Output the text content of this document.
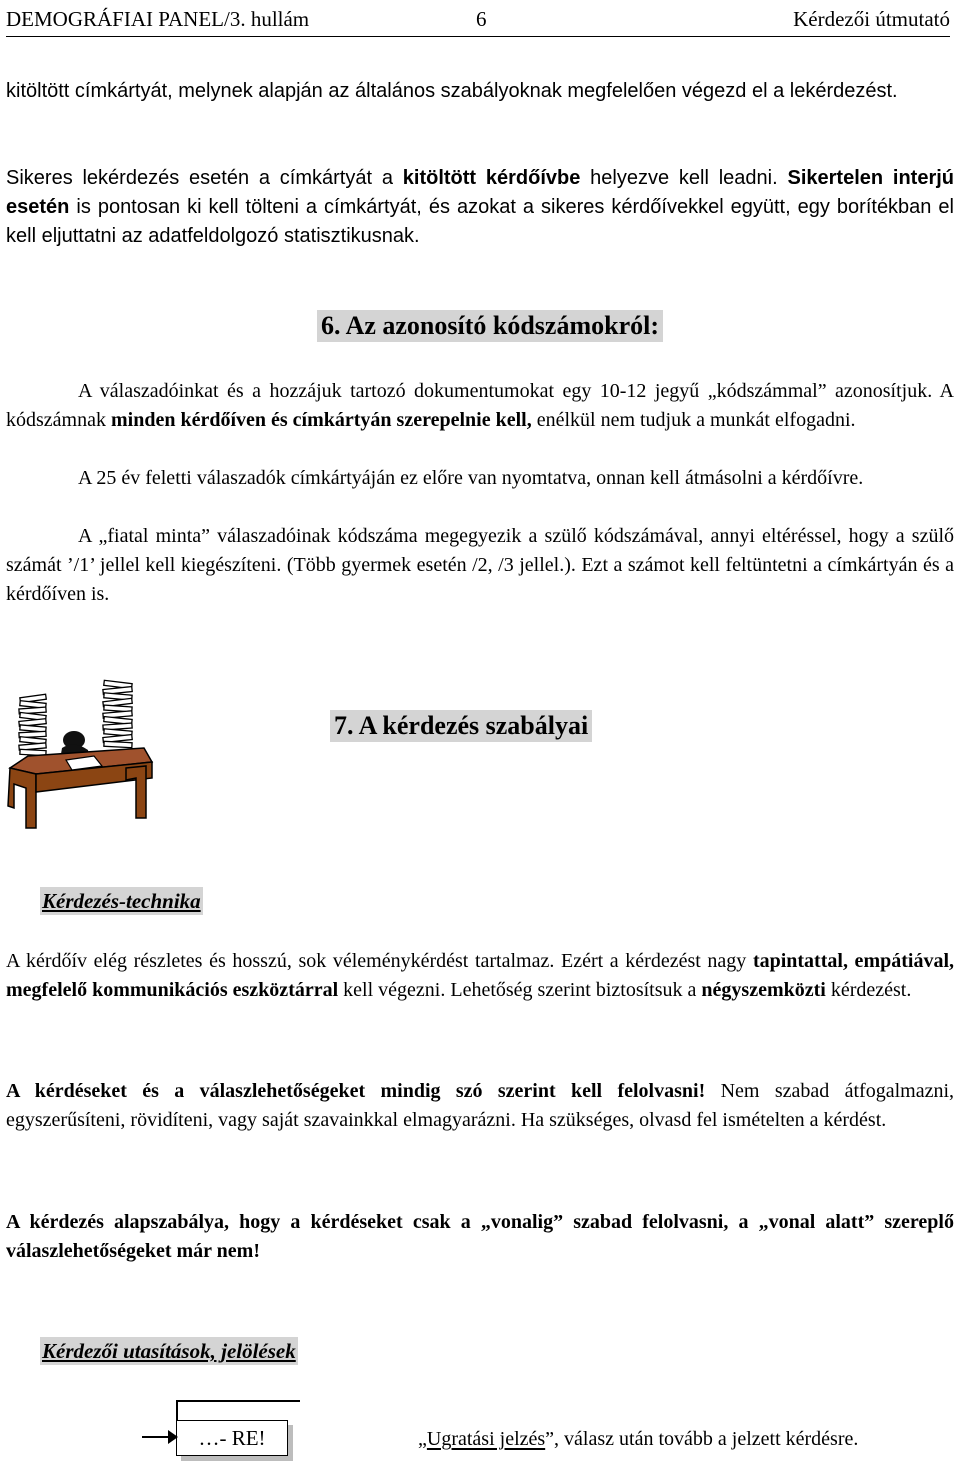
DEMOGRÁFIAI PANEL/3. hullám	6	Kérdezői útmutató
kitöltött címkártyát, melynek alapján az általános szabályoknak megfelelően végezd el a lekérdezést.
Sikeres lekérdezés esetén a címkártyát a kitöltött kérdőívbe helyezve kell leadni. Sikertelen interjú esetén is pontosan ki kell tölteni a címkártyát, és azokat a sikeres kérdőívekkel együtt, egy borítékban el kell eljuttatni az adatfeldolgozó statisztikusnak.
6. Az azonosító kódszámokról:
A válaszadóinkat és a hozzájuk tartozó dokumentumokat egy 10-12 jegyű „kódszámmal” azonosítjuk. A kódszámnak minden kérdőíven és címkártyán szerepelnie kell, enélkül nem tudjuk a munkát elfogadni.
A 25 év feletti válaszadók címkártyáján ez előre van nyomtatva, onnan kell átmásolni a kérdőívre.
A „fiatal minta” válaszadóinak kódszáma megegyezik a szülő kódszámával, annyi eltéréssel, hogy a szülő számát ’/1’ jellel kell kiegészíteni. (Több gyermek esetén /2, /3 jellel.). Ezt a számot kell feltüntetni a címkártyán és a kérdőíven is.
7. A kérdezés szabályai
Kérdezés-technika
A kérdőív elég részletes és hosszú, sok véleménykérdést tartalmaz. Ezért a kérdezést nagy tapintattal, empátiával, megfelelő kommunikációs eszköztárral kell végezni. Lehetőség szerint biztosítsuk a négyszemközti kérdezést.
A kérdéseket és a válaszlehetőségeket mindig szó szerint kell felolvasni! Nem szabad átfogalmazni, egyszerűsíteni, rövidíteni, vagy saját szavainkkal elmagyarázni. Ha szükséges, olvasd fel ismételten a kérdést.
A kérdezés alapszabálya, hogy a kérdéseket csak a „vonalig” szabad felolvasni, a „vonal alatt” szereplő válaszlehetőségeket már nem!
Kérdezői utasítások, jelölések
…- RE!	„Ugratási jelzés”, válasz után tovább a jelzett kérdésre.
